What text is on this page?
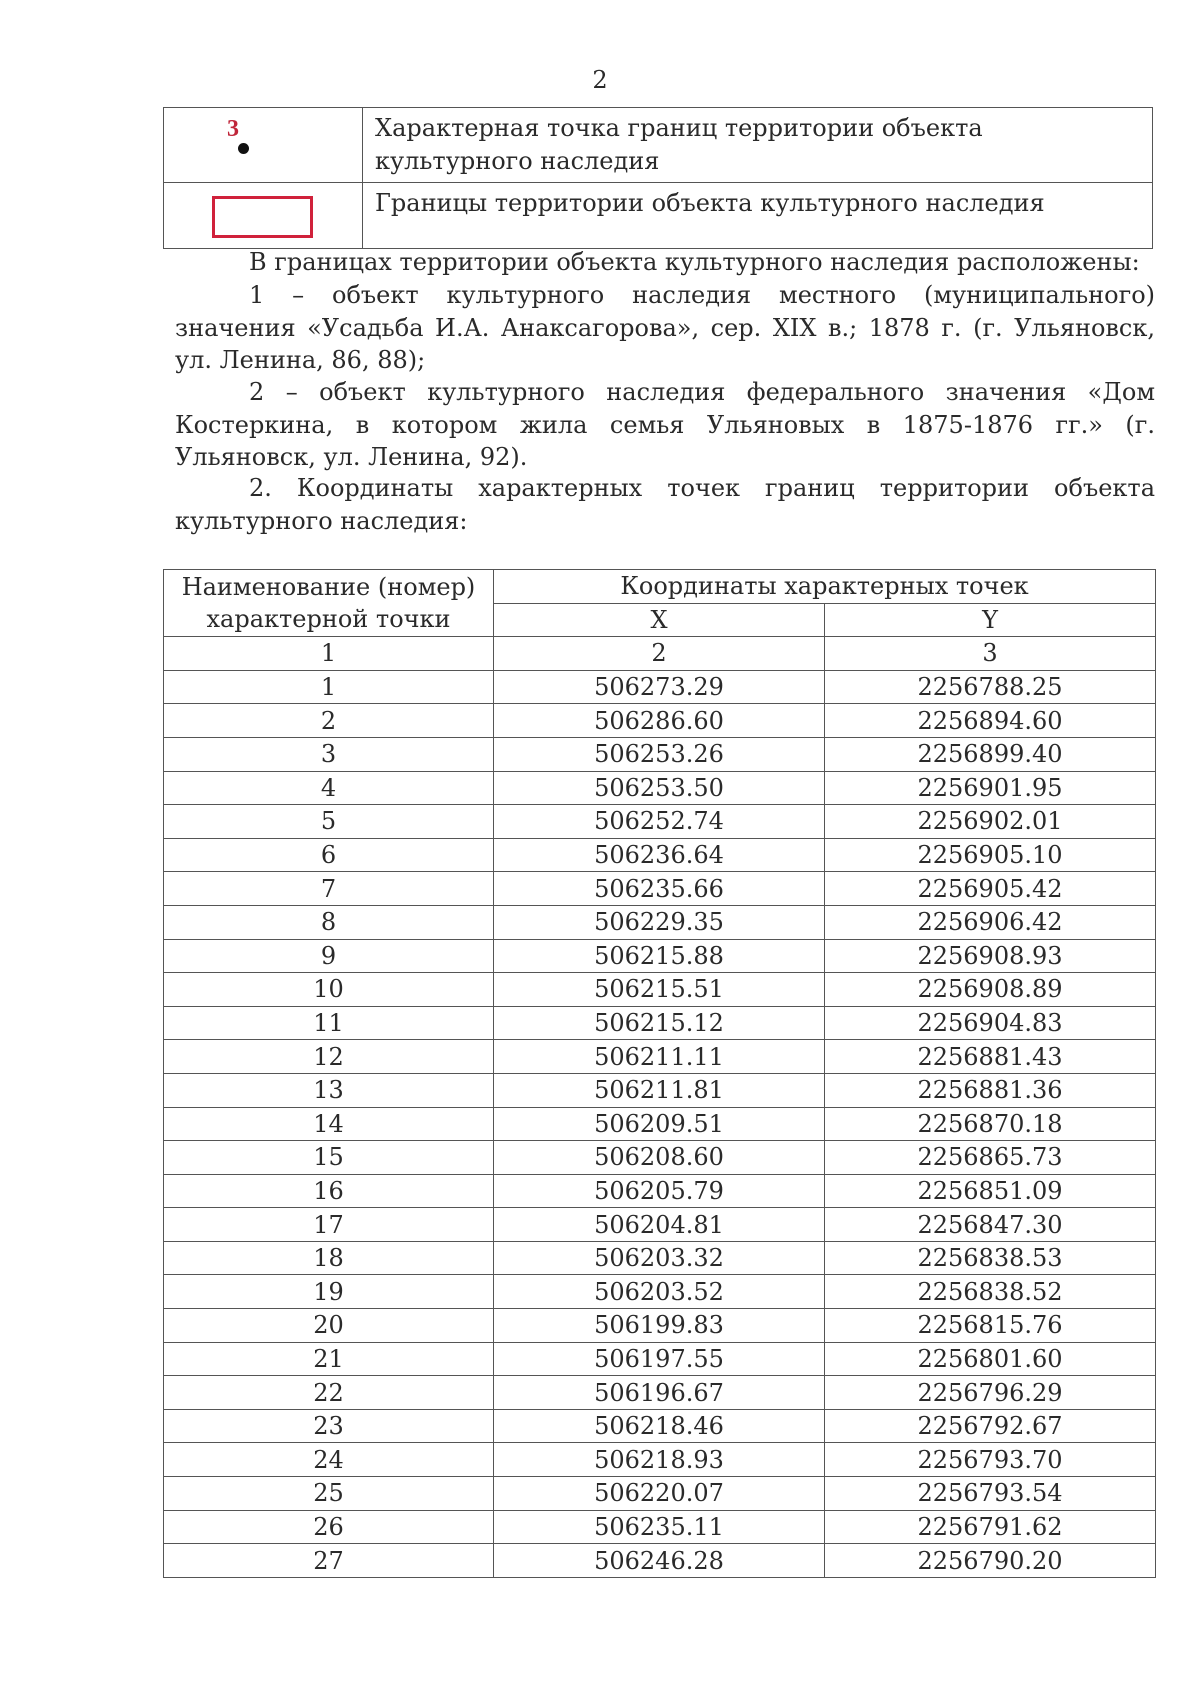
2
3	Характерная точка границ территории объекта культурного наследия

	Границы территории объекта культурного наследия

В границах территории объекта культурного наследия расположены:

1 – объект культурного наследия местного (муниципального) значения «Усадьба И.А. Анаксагорова», сер. XIX в.; 1878 г. (г. Ульяновск, ул. Ленина, 86, 88);

2 – объект культурного наследия федерального значения «Дом Костеркина, в котором жила семья Ульяновых в 1875-1876 гг.» (г. Ульяновск, ул. Ленина, 92).

2. Координаты характерных точек границ территории объекта культурного наследия:

Наименование (номер) характерной точки	Координаты характерных точек	
	X	Y
1	2	3
1	506273.29	2256788.25
2	506286.60	2256894.60
3	506253.26	2256899.40
4	506253.50	2256901.95
5	506252.74	2256902.01
6	506236.64	2256905.10
7	506235.66	2256905.42
8	506229.35	2256906.42
9	506215.88	2256908.93
10	506215.51	2256908.89
11	506215.12	2256904.83
12	506211.11	2256881.43
13	506211.81	2256881.36
14	506209.51	2256870.18
15	506208.60	2256865.73
16	506205.79	2256851.09
17	506204.81	2256847.30
18	506203.32	2256838.53
19	506203.52	2256838.52
20	506199.83	2256815.76
21	506197.55	2256801.60
22	506196.67	2256796.29
23	506218.46	2256792.67
24	506218.93	2256793.70
25	506220.07	2256793.54
26	506235.11	2256791.62
27	506246.28	2256790.20
